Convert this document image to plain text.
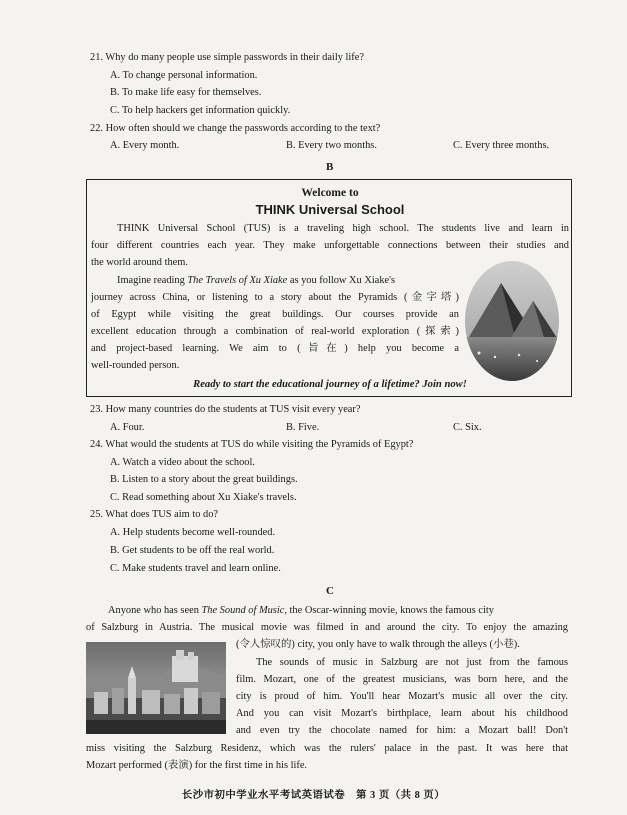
21. Why do many people use simple passwords in their daily life?
A. To change personal information.
B. To make life easy for themselves.
C. To help hackers get information quickly.
22. How often should we change the passwords according to the text?
A. Every month.	B. Every two months.	C. Every three months.
B
Welcome to
THINK Universal School
THINK Universal School (TUS) is a traveling high school. The students live and learn in
four different countries each year. They make unforgettable connections between their studies and
the world around them.
Imagine reading The Travels of Xu Xiake as you follow Xu Xiake's
journey across China, or listening to a story about the Pyramids (金字塔)
of Egypt while visiting the great buildings. Our courses provide an
excellent education through a combination of real-world exploration (探索)
and project-based learning. We aim to (旨在) help you become a
well-rounded person.
Ready to start the educational journey of a lifetime? Join now!
23. How many countries do the students at TUS visit every year?
A. Four.	B. Five.	C. Six.
24. What would the students at TUS do while visiting the Pyramids of Egypt?
A. Watch a video about the school.
B. Listen to a story about the great buildings.
C. Read something about Xu Xiake's travels.
25. What does TUS aim to do?
A. Help students become well-rounded.
B. Get students to be off the real world.
C. Make students travel and learn online.
C
Anyone who has seen The Sound of Music, the Oscar-winning movie, knows the famous city
of Salzburg in Austria. The musical movie was filmed in and around the city. To enjoy the amazing
(令人惊叹的) city, you only have to walk through the alleys (小巷).
The sounds of music in Salzburg are not just from the famous
film. Mozart, one of the greatest musicians, was born here, and the
city is proud of him. You'll hear Mozart's music all over the city.
And you can visit Mozart's birthplace, learn about his childhood
and even try the chocolate named for him: a Mozart ball! Don't
miss visiting the Salzburg Residenz, which was the rulers' palace in the past. It was here that
Mozart performed (表演) for the first time in his life.
长沙市初中学业水平考试英语试卷　第 3 页（共 8 页）
